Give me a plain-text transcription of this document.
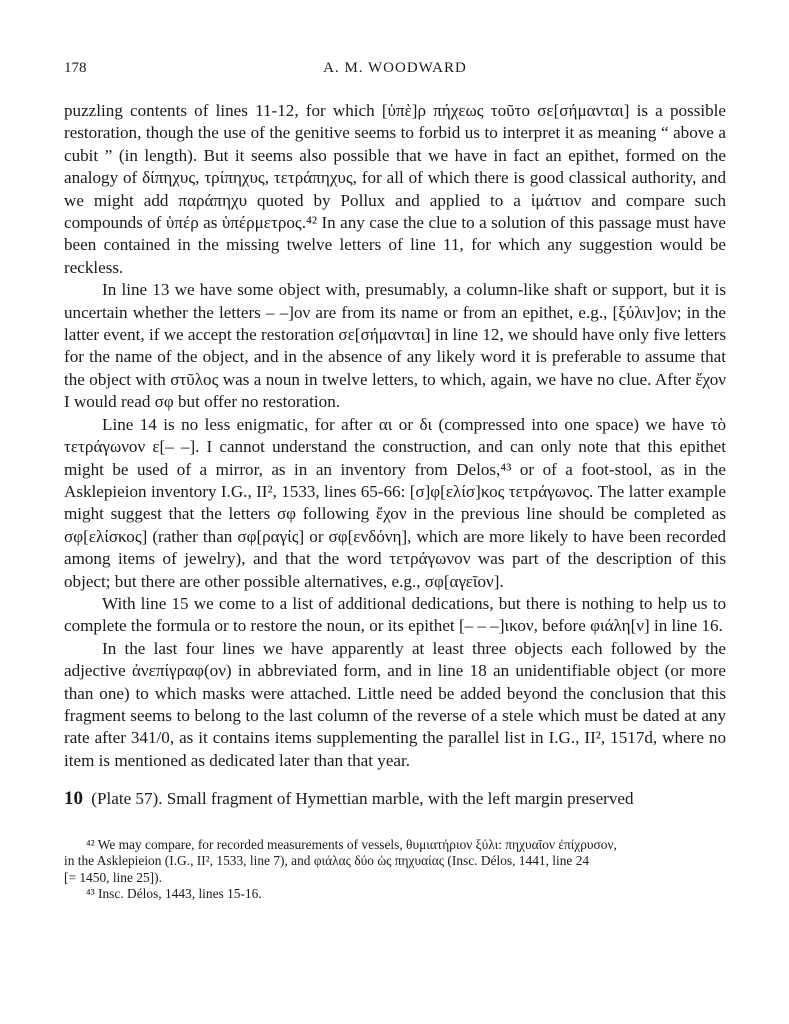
178	A. M. WOODWARD

puzzling contents of lines 11-12, for which [ὑπὲ]ρ πήχεως τοῦτο σε[σήμανται] is a possible restoration, though the use of the genitive seems to forbid us to interpret it as meaning “ above a cubit ” (in length). But it seems also possible that we have in fact an epithet, formed on the analogy of δίπηχυς, τρίπηχυς, τετράπηχυς, for all of which there is good classical authority, and we might add παράπηχυ quoted by Pollux and applied to a ἱμάτιον and compare such compounds of ὑπέρ as ὑπέρμετρος.⁴² In any case the clue to a solution of this passage must have been contained in the missing twelve letters of line 11, for which any suggestion would be reckless.

In line 13 we have some object with, presumably, a column-like shaft or support, but it is uncertain whether the letters – –]ον are from its name or from an epithet, e.g., [ξύλιν]ον; in the latter event, if we accept the restoration σε[σήμανται] in line 12, we should have only five letters for the name of the object, and in the absence of any likely word it is preferable to assume that the object with στῦλος was a noun in twelve letters, to which, again, we have no clue. After ἔχον I would read σφ but offer no restoration.

Line 14 is no less enigmatic, for after αι or δι (compressed into one space) we have τὸ τετράγωνον ε[– –]. I cannot understand the construction, and can only note that this epithet might be used of a mirror, as in an inventory from Delos,⁴³ or of a foot-stool, as in the Asklepieion inventory I.G., II², 1533, lines 65-66: [σ]φ[ελίσ]κος τετράγωνος. The latter example might suggest that the letters σφ following ἔχον in the previous line should be completed as σφ[ελίσκος] (rather than σφ[ραγίς] or σφ[ενδόνη], which are more likely to have been recorded among items of jewelry), and that the word τετράγωνον was part of the description of this object; but there are other possible alternatives, e.g., σφ[αγεῖον].

With line 15 we come to a list of additional dedications, but there is nothing to help us to complete the formula or to restore the noun, or its epithet [– – –]ικον, before φιάλη[ν] in line 16.

In the last four lines we have apparently at least three objects each followed by the adjective ἀνεπίγραφ(ον) in abbreviated form, and in line 18 an unidentifiable object (or more than one) to which masks were attached. Little need be added beyond the conclusion that this fragment seems to belong to the last column of the reverse of a stele which must be dated at any rate after 341/0, as it contains items supplementing the parallel list in I.G., II², 1517d, where no item is mentioned as dedicated later than that year.

10 (Plate 57). Small fragment of Hymettian marble, with the left margin preserved

⁴² We may compare, for recorded measurements of vessels, θυμιατήριον ξύλι: πηχυαῖον ἐπίχρυσον,

in the Asklepieion (I.G., II², 1533, line 7), and φιάλας δύο ὡς πηχυαίας (Insc. Délos, 1441, line 24

[= 1450, line 25]).

⁴³ Insc. Délos, 1443, lines 15-16.
